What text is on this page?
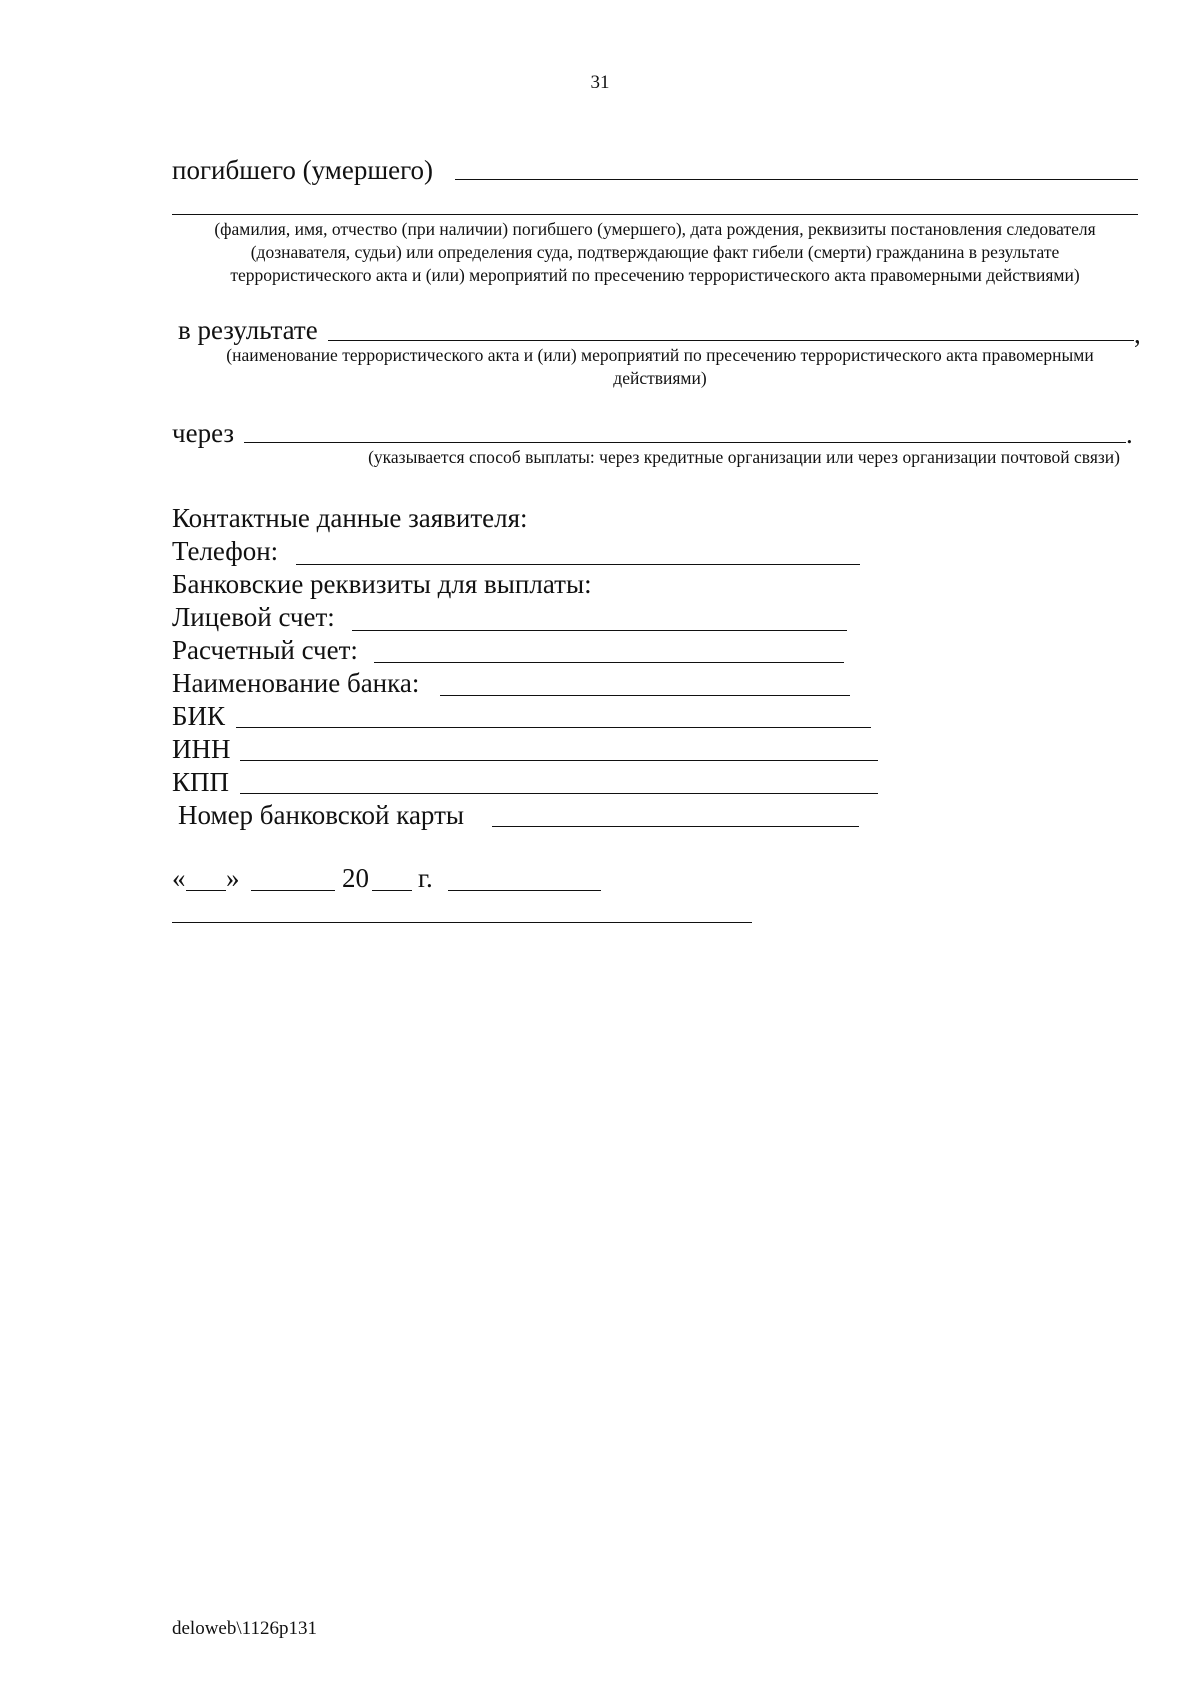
31
погибшего (умершего)
(фамилия, имя, отчество (при наличии) погибшего (умершего), дата рождения, реквизиты постановления следователя (дознавателя, судьи) или определения суда, подтверждающие факт гибели (смерти) гражданина в результате террористического акта и (или) мероприятий по пресечению террористического акта правомерными действиями)
в результате	,
(наименование террористического акта и (или) мероприятий по пресечению террористического акта правомерными действиями)
через	.
(указывается способ выплаты: через кредитные организации или через организации почтовой связи)
Контактные данные заявителя:
Телефон:
Банковские реквизиты для выплаты:
Лицевой счет:
Расчетный счет:
Наименование банка:
БИК
ИНН
КПП
Номер банковской карты
« »	20 г.
deloweb\1126p131
